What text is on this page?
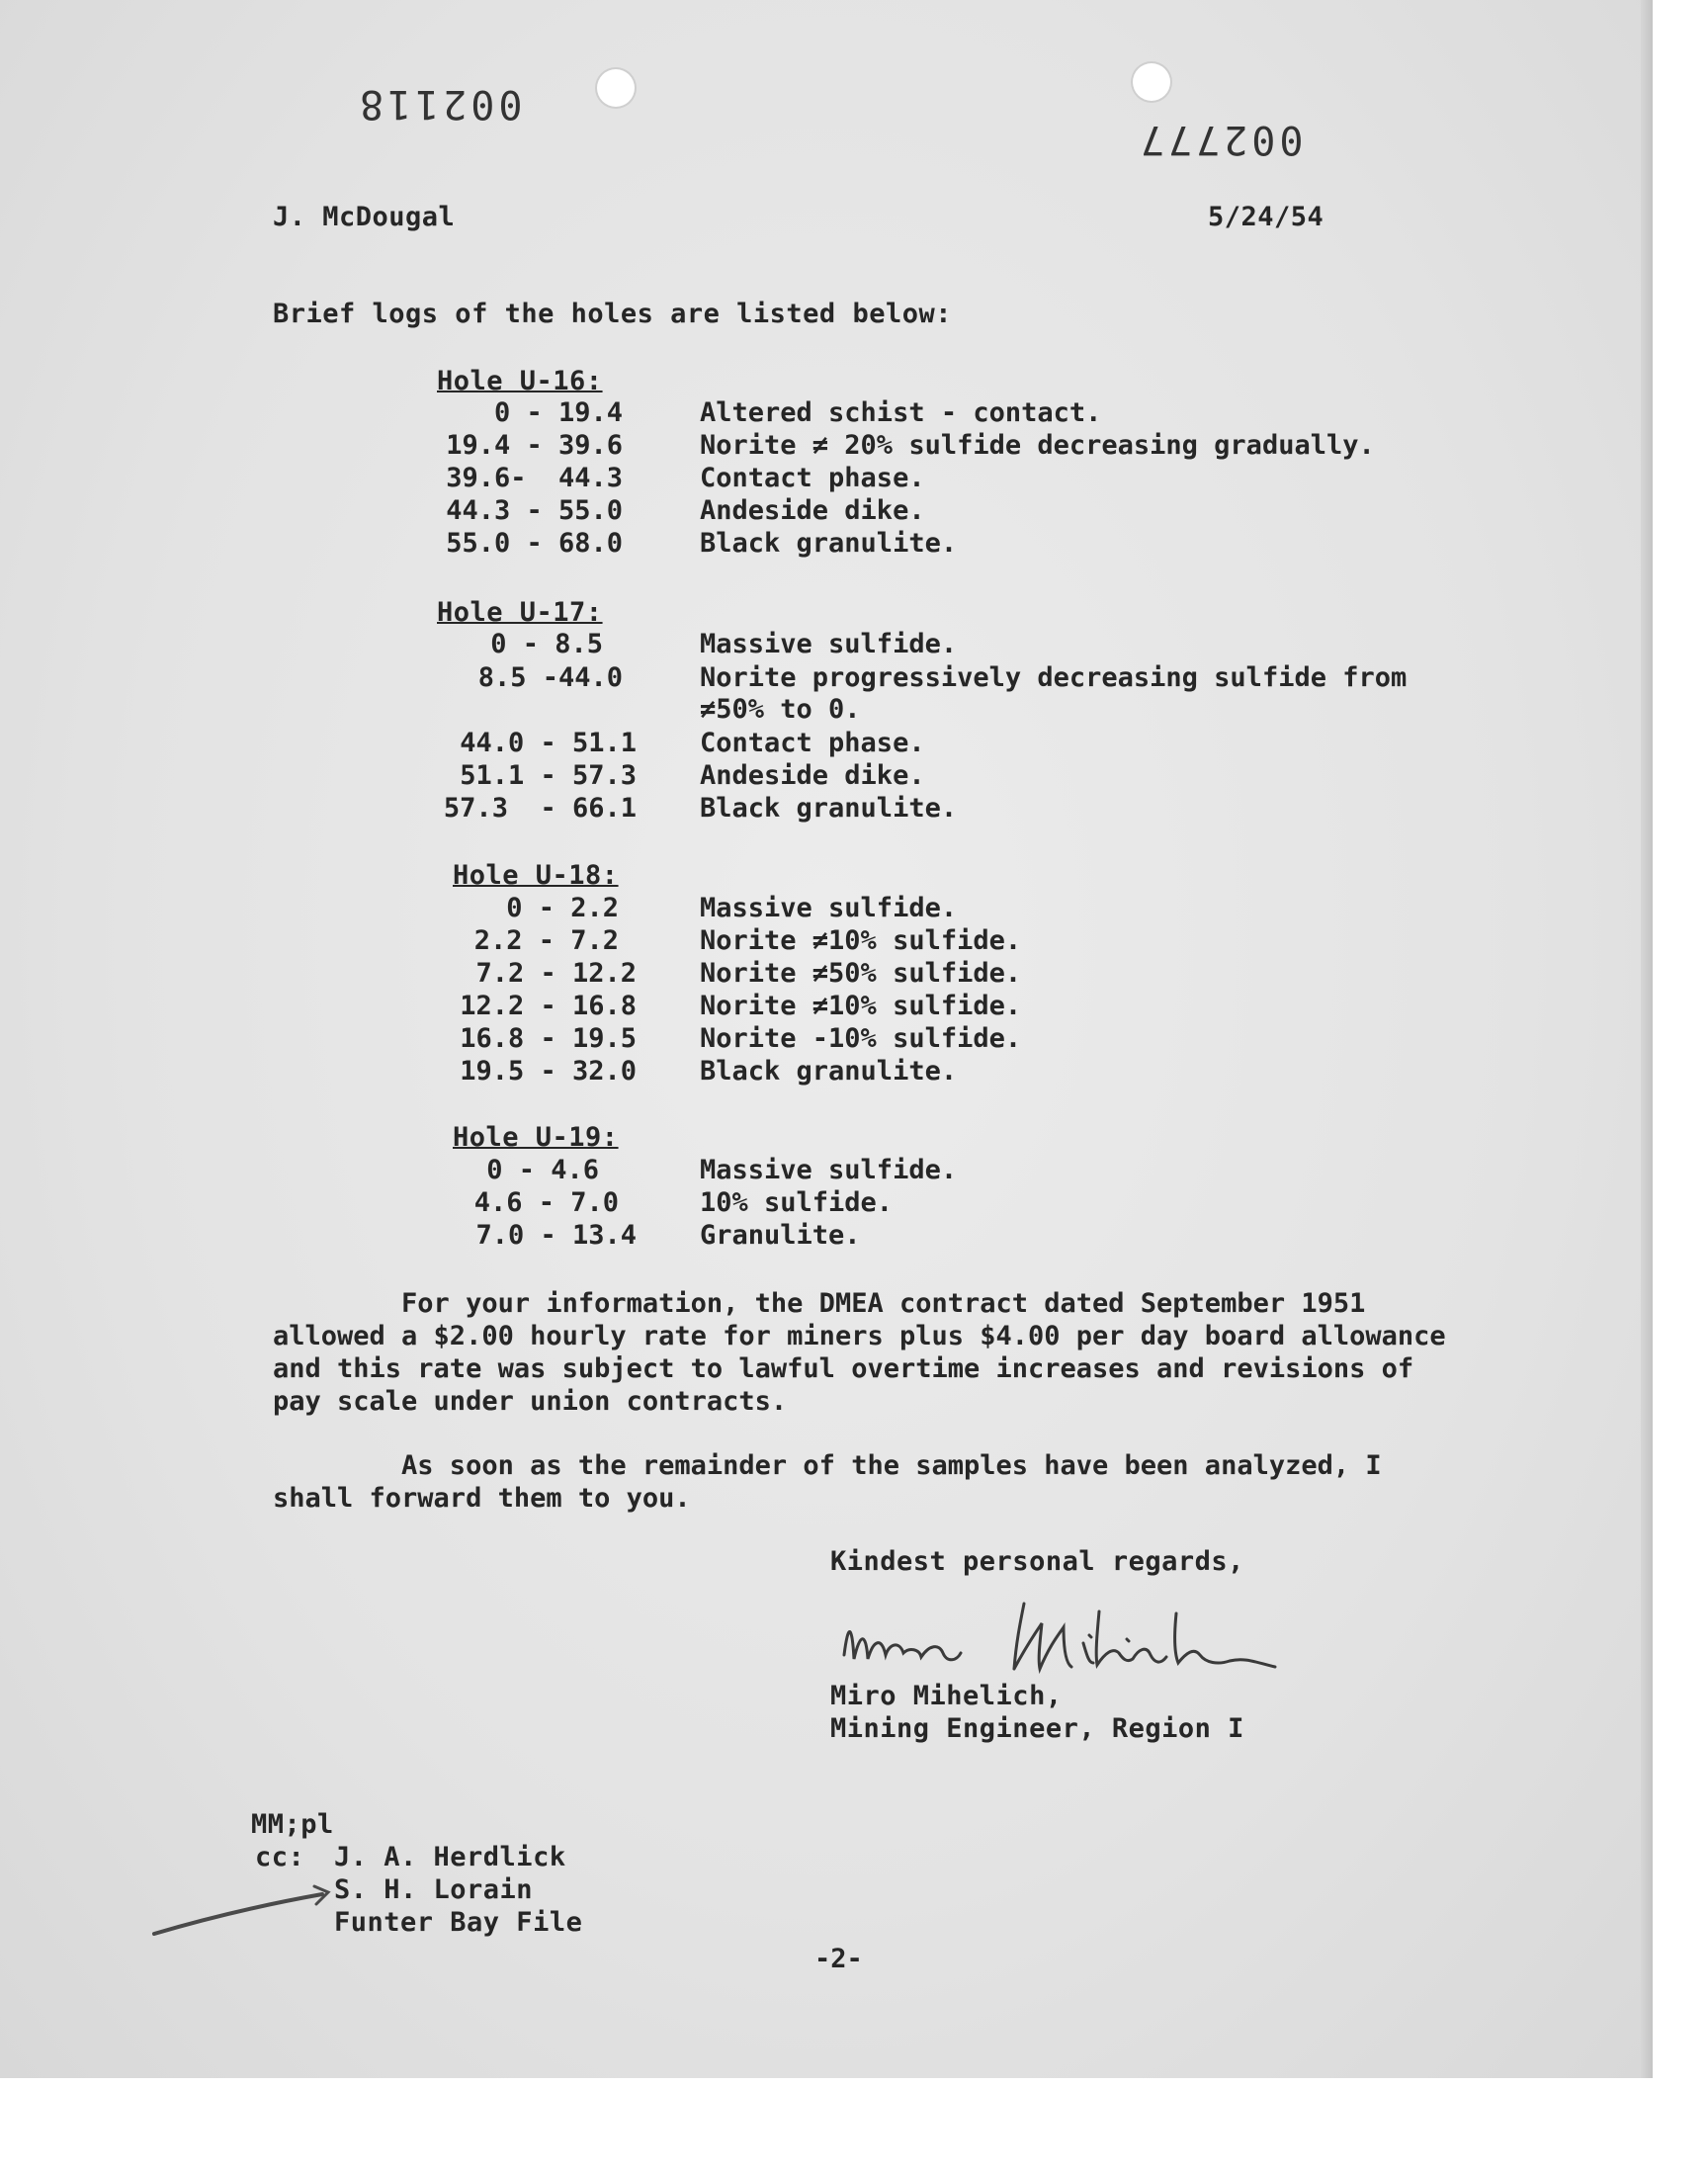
002118
002777
J. McDougal	5/24/54
Brief logs of the holes are listed below:
Hole U-16:
0 - 19.4	Altered schist - contact.
19.4 - 39.6	Norite ≠ 20% sulfide decreasing gradually.
39.6-  44.3	Contact phase.
44.3 - 55.0	Andeside dike.
55.0 - 68.0	Black granulite.
Hole U-17:
0 - 8.5	Massive sulfide.
8.5 -44.0	Norite progressively decreasing sulfide from
≠50% to 0.
44.0 - 51.1 Contact phase.
51.1 - 57.3 Andeside dike.
57.3  - 66.1 Black granulite.
Hole U-18:
0 - 2.2	Massive sulfide.
2.2 - 7.2	Norite ≠10% sulfide.
7.2 - 12.2 Norite ≠50% sulfide.
12.2 - 16.8 Norite ≠10% sulfide.
16.8 - 19.5 Norite -10% sulfide.
19.5 - 32.0 Black granulite.
Hole U-19:
0 - 4.6	Massive sulfide.
4.6 - 7.0	10% sulfide.
7.0 - 13.4 Granulite.
For your information, the DMEA contract dated September 1951
allowed a $2.00 hourly rate for miners plus $4.00 per day board allowance
and this rate was subject to lawful overtime increases and revisions of
pay scale under union contracts.
As soon as the remainder of the samples have been analyzed, I
shall forward them to you.
Kindest personal regards,
Miro Mihelich,
Mining Engineer, Region I
MM;pl
cc: J. A. Herdlick
S. H. Lorain
Funter Bay File
-2-
